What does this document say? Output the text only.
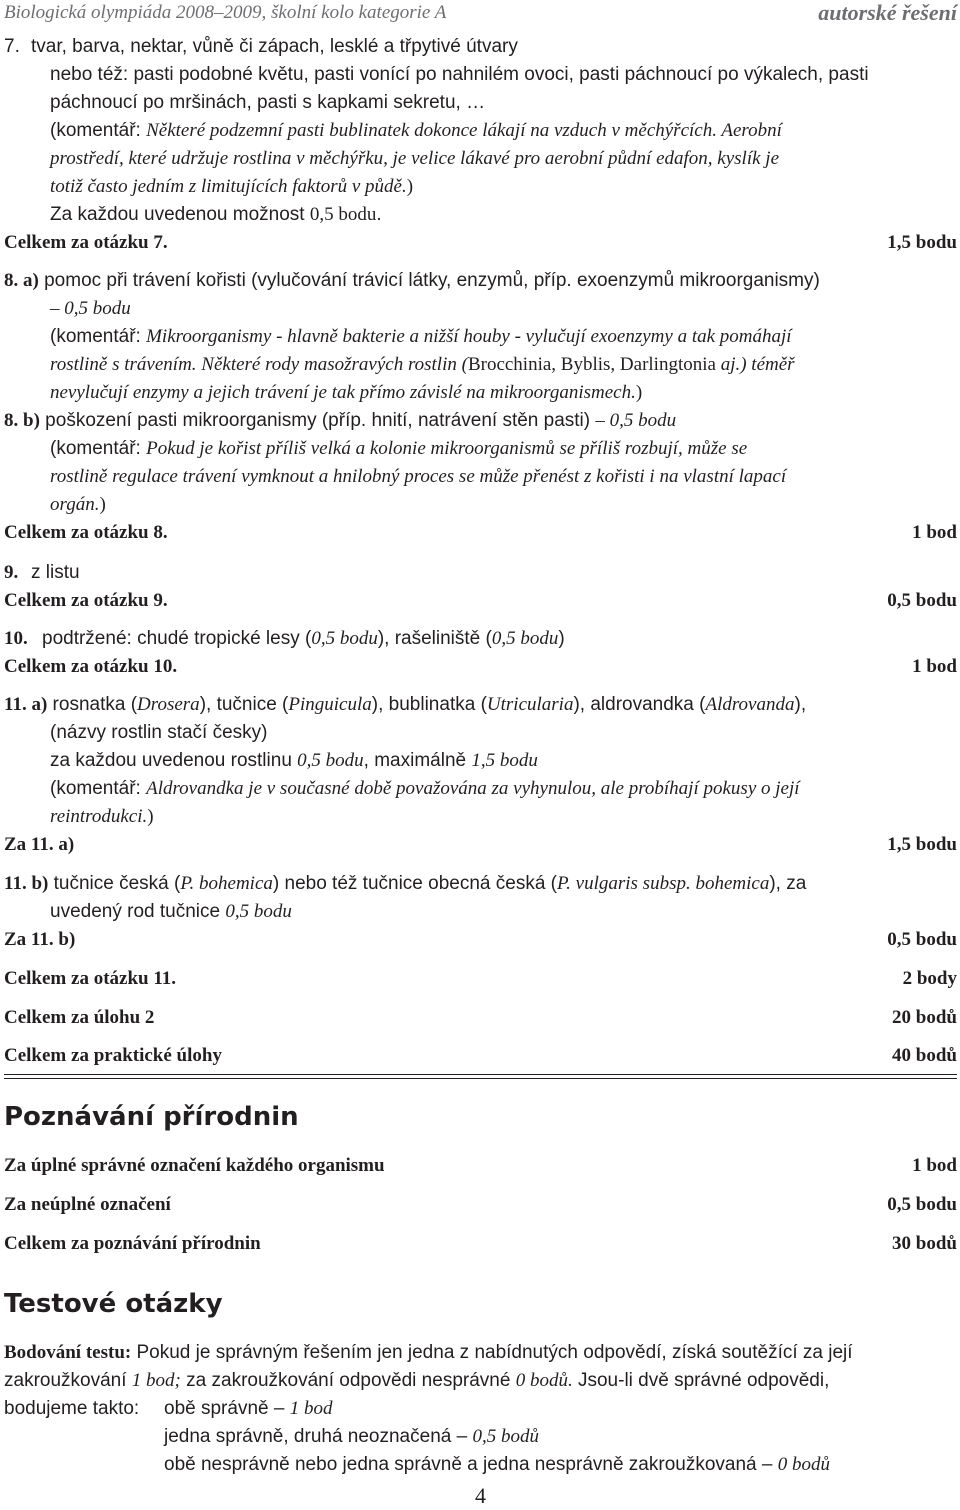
Biologická olympiáda 2008–2009, školní kolo kategorie A	autorské řešení
7. tvar, barva, nektar, vůně či zápach, lesklé a třpytivé útvary
nebo též: pasti podobné květu, pasti vonící po nahnilém ovoci, pasti páchnoucí po výkalech, pasti
páchnoucí po mršinách, pasti s kapkami sekretu, …
(komentář: Některé podzemní pasti bublinatek dokonce lákají na vzduch v měchýřcích. Aerobní
prostředí, které udržuje rostlina v měchýřku, je velice lákavé pro aerobní půdní edafon, kyslík je
totiž často jedním z limitujících faktorů v půdě.)
Za každou uvedenou možnost 0,5 bodu.
Celkem za otázku 7.	1,5 bodu
8. a) pomoc při trávení kořisti (vylučování trávicí látky, enzymů, příp. exoenzymů mikroorganismy)
– 0,5 bodu
(komentář: Mikroorganismy - hlavně bakterie a nižší houby - vylučují exoenzymy a tak pomáhají
rostlině s trávením. Některé rody masožravých rostlin (Brocchinia, Byblis, Darlingtonia aj.) téměř
nevylučují enzymy a jejich trávení je tak přímo závislé na mikroorganismech.)
8. b) poškození pasti mikroorganismy (příp. hnití, natrávení stěn pasti) – 0,5 bodu
(komentář: Pokud je kořist příliš velká a kolonie mikroorganismů se příliš rozbují, může se
rostlině regulace trávení vymknout a hnilobný proces se může přenést z kořisti i na vlastní lapací
orgán.)
Celkem za otázku 8.	1 bod
9. z listu
Celkem za otázku 9.	0,5 bodu
10. podtržené: chudé tropické lesy (0,5 bodu), rašeliniště (0,5 bodu)
Celkem za otázku 10.	1 bod
11. a) rosnatka (Drosera), tučnice (Pinguicula), bublinatka (Utricularia), aldrovandka (Aldrovanda),
(názvy rostlin stačí česky)
za každou uvedenou rostlinu 0,5 bodu, maximálně 1,5 bodu
(komentář: Aldrovandka je v současné době považována za vyhynulou, ale probíhají pokusy o její
reintrodukci.)
Za 11. a)	1,5 bodu
11. b) tučnice česká (P. bohemica) nebo též tučnice obecná česká (P. vulgaris subsp. bohemica), za
uvedený rod tučnice 0,5 bodu
Za 11. b)	0,5 bodu
Celkem za otázku 11.	2 body
Celkem za úlohu 2	20 bodů
Celkem za praktické úlohy	40 bodů
Poznávání přírodnin
Za úplné správné označení každého organismu	1 bod
Za neúplné označení	0,5 bodu
Celkem za poznávání přírodnin	30 bodů
Testové otázky
Bodování testu: Pokud je správným řešením jen jedna z nabídnutých odpovědí, získá soutěžící za její
zakroužkování 1 bod; za zakroužkování odpovědi nesprávné 0 bodů. Jsou-li dvě správné odpovědi,
bodujeme takto: obě správně – 1 bod
jedna správně, druhá neoznačená – 0,5 bodů
obě nesprávně nebo jedna správně a jedna nesprávně zakroužkovaná – 0 bodů
4
